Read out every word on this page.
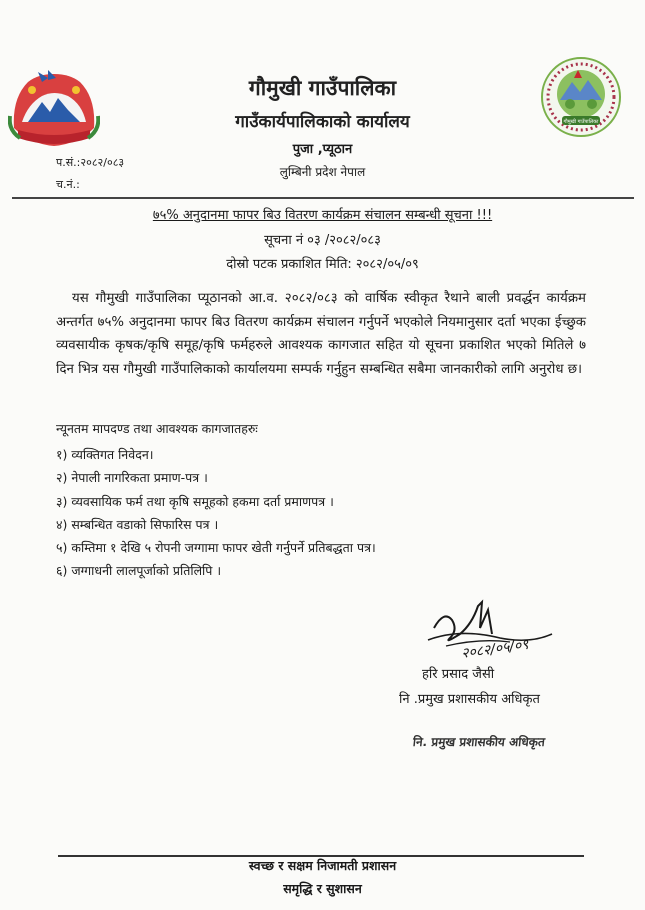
गौमुखी गाउँपालिका
गौमुखी गाउँपालिका
गाउँकार्यपालिकाको कार्यालय
पुजा ,प्यूठान
लुम्बिनी प्रदेश नेपाल
प.सं.:२०८२/०८३
च.नं.:
७५% अनुदानमा फापर बिउ वितरण कार्यक्रम संचालन सम्बन्धी सूचना !!!
सूचना नं ०३ /२०८२/०८३
दोस्रो पटक प्रकाशित मिति: २०८२/०५/०९
यस गौमुखी गाउँपालिका प्यूठानको आ.व. २०८२/०८३ को वार्षिक स्वीकृत रैथाने बाली प्रवर्द्धन कार्यक्रम अन्तर्गत ७५% अनुदानमा फापर बिउ वितरण कार्यक्रम संचालन गर्नुपर्ने भएकोले नियमानुसार दर्ता भएका ईच्छुक व्यवसायीक कृषक/कृषि समूह/कृषि फर्महरुले आवश्यक कागजात सहित यो सूचना प्रकाशित भएको मितिले ७ दिन भित्र यस गौमुखी गाउँपालिकाको कार्यालयमा सम्पर्क गर्नुहुन सम्बन्धित सबैमा जानकारीको लागि अनुरोध छ।
न्यूनतम मापदण्ड तथा आवश्यक कागजातहरुः
१) व्यक्तिगत निवेदन।
२) नेपाली नागरिकता प्रमाण-पत्र ।
३) व्यवसायिक फर्म तथा कृषि समूहको हकमा दर्ता प्रमाणपत्र ।
४) सम्बन्धित वडाको सिफारिस पत्र ।
५) कम्तिमा १ देखि ५ रोपनी जग्गामा फापर खेती गर्नुपर्ने प्रतिबद्धता पत्र।
६) जग्गाधनी लालपूर्जाको प्रतिलिपि ।
२०८२/०५/०९
हरि प्रसाद जैसी
नि .प्रमुख प्रशासकीय अधिकृत
नि. प्रमुख प्रशासकीय अधिकृत
स्वच्छ र सक्षम निजामती प्रशासन
समृद्धि र सुशासन
